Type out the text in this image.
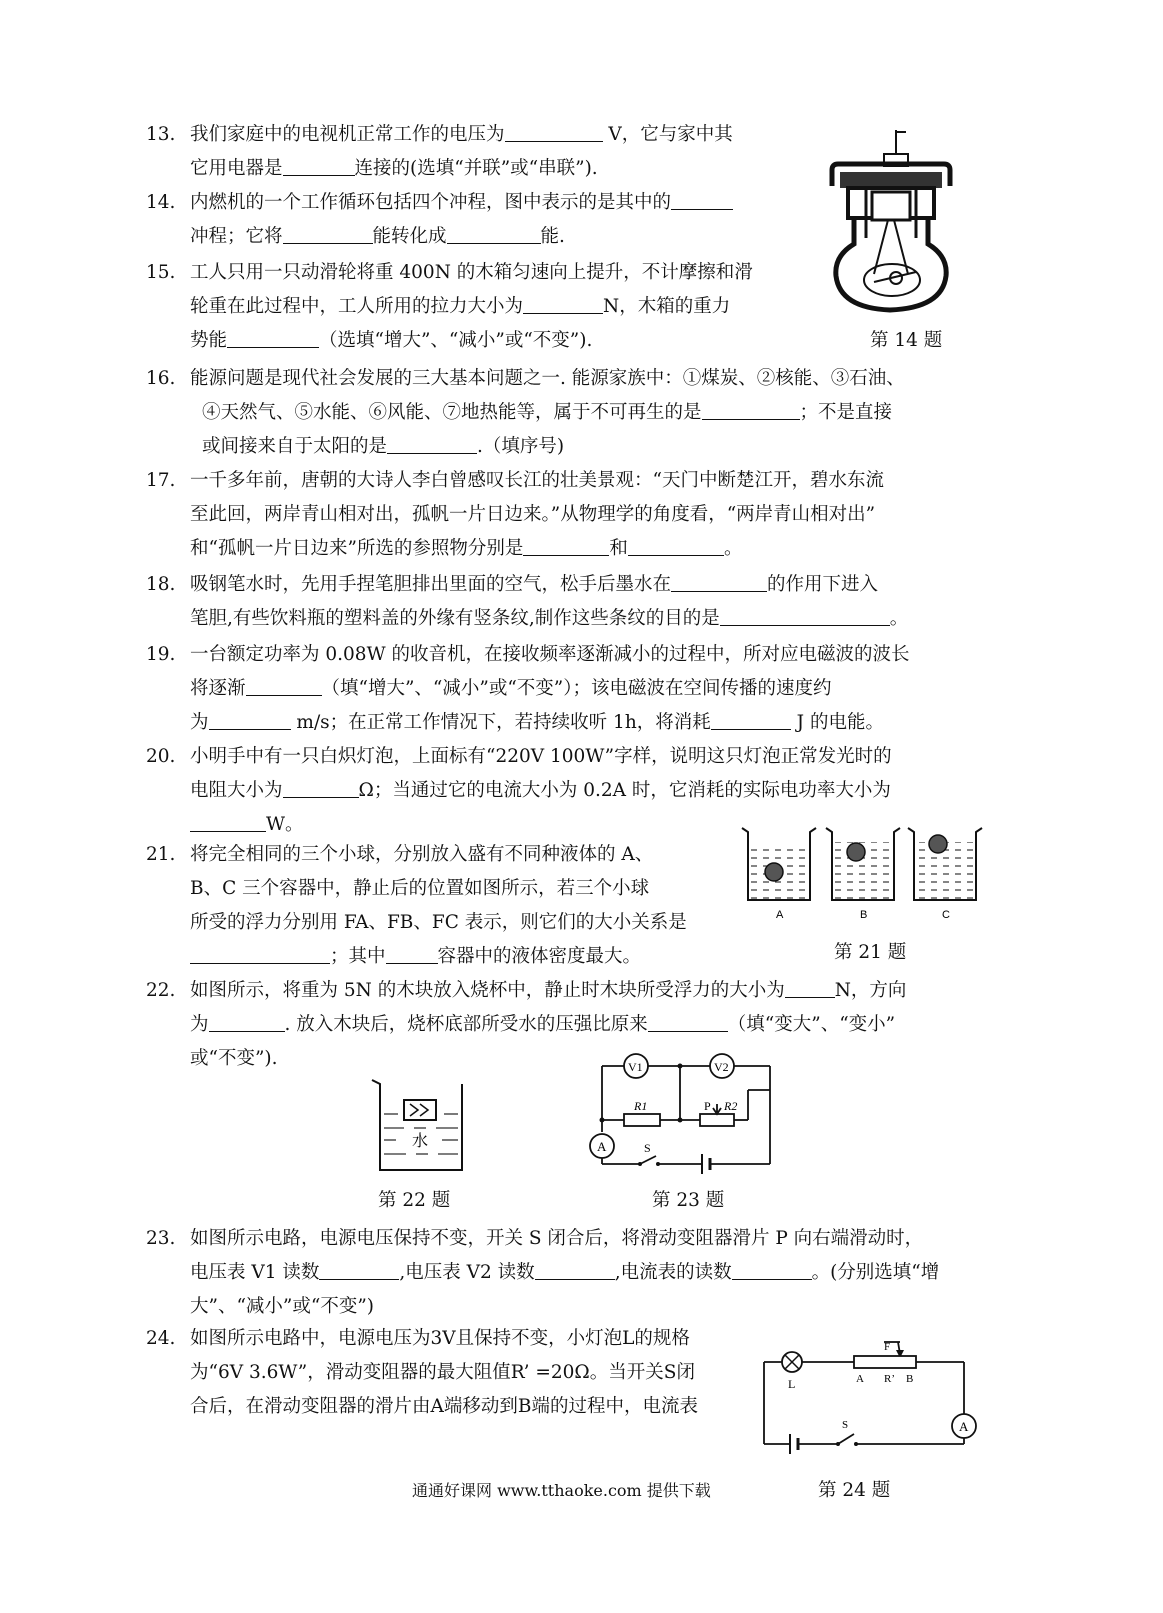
13. 我们家庭中的电视机正常工作的电压为	V，它与家中其
它用电器是	连接的(选填“并联”或“串联”).
14. 内燃机的一个工作循环包括四个冲程，图中表示的是其中的
冲程；它将	能转化成	能.
15. 工人只用一只动滑轮将重 400N 的木箱匀速向上提升，不计摩擦和滑
轮重在此过程中，工人所用的拉力大小为	N，木箱的重力
势能	（选填“增大”、“减小”或“不变”).	第 14 题
16. 能源问题是现代社会发展的三大基本问题之一. 能源家族中：①煤炭、②核能、③石油、
④天然气、⑤水能、⑥风能、⑦地热能等，属于不可再生的是	；不是直接
或间接来自于太阳的是	.（填序号)
17. 一千多年前，唐朝的大诗人李白曾感叹长江的壮美景观：“天门中断楚江开，碧水东流
至此回，两岸青山相对出，孤帆一片日边来。”从物理学的角度看，“两岸青山相对出”
和“孤帆一片日边来”所选的参照物分别是	和	。
18. 吸钢笔水时，先用手捏笔胆排出里面的空气，松手后墨水在	的作用下进入
笔胆,有些饮料瓶的塑料盖的外缘有竖条纹,制作这些条纹的目的是	。
19. 一台额定功率为 0.08W 的收音机，在接收频率逐渐减小的过程中，所对应电磁波的波长
将逐渐	（填“增大”、“减小”或“不变”）；该电磁波在空间传播的速度约
为	m/s；在正常工作情况下，若持续收听 1h，将消耗	J 的电能。
20. 小明手中有一只白炽灯泡，上面标有“220V 100W”字样，说明这只灯泡正常发光时的
电阻大小为	Ω；当通过它的电流大小为 0.2A 时，它消耗的实际电功率大小为
W。
21. 将完全相同的三个小球，分别放入盛有不同种液体的 A、
B、C 三个容器中，静止后的位置如图所示，若三个小球
所受的浮力分别用 FA、FB、FC 表示，则它们的大小关系是
；其中	容器中的液体密度最大。
A	B	C
第 21 题
22. 如图所示，将重为 5N 的木块放入烧杯中，静止时木块所受浮力的大小为	N，方向
为	. 放入木块后，烧杯底部所受水的压强比原来	（填“变大”、“变小”
或“不变”).
水
第 22 题
V1	V2
A
R1	P R2
S
第 23 题
23. 如图所示电路，电源电压保持不变，开关 S 闭合后，将滑动变阻器滑片 P 向右端滑动时，
电压表 V1 读数	,电压表 V2 读数	,电流表的读数	。(分别选填“增
大”、“减小”或“不变”)
24. 如图所示电路中，电源电压为3V且保持不变，小灯泡L的规格
为“6V 3.6W”，滑动变阻器的最大阻值R’ =20Ω。当开关S闭
合后，在滑动变阻器的滑片由A端移动到B端的过程中，电流表
F
A R’ B
L
S	A
通通好课网 www.tthaoke.com 提供下载	第 24 题
